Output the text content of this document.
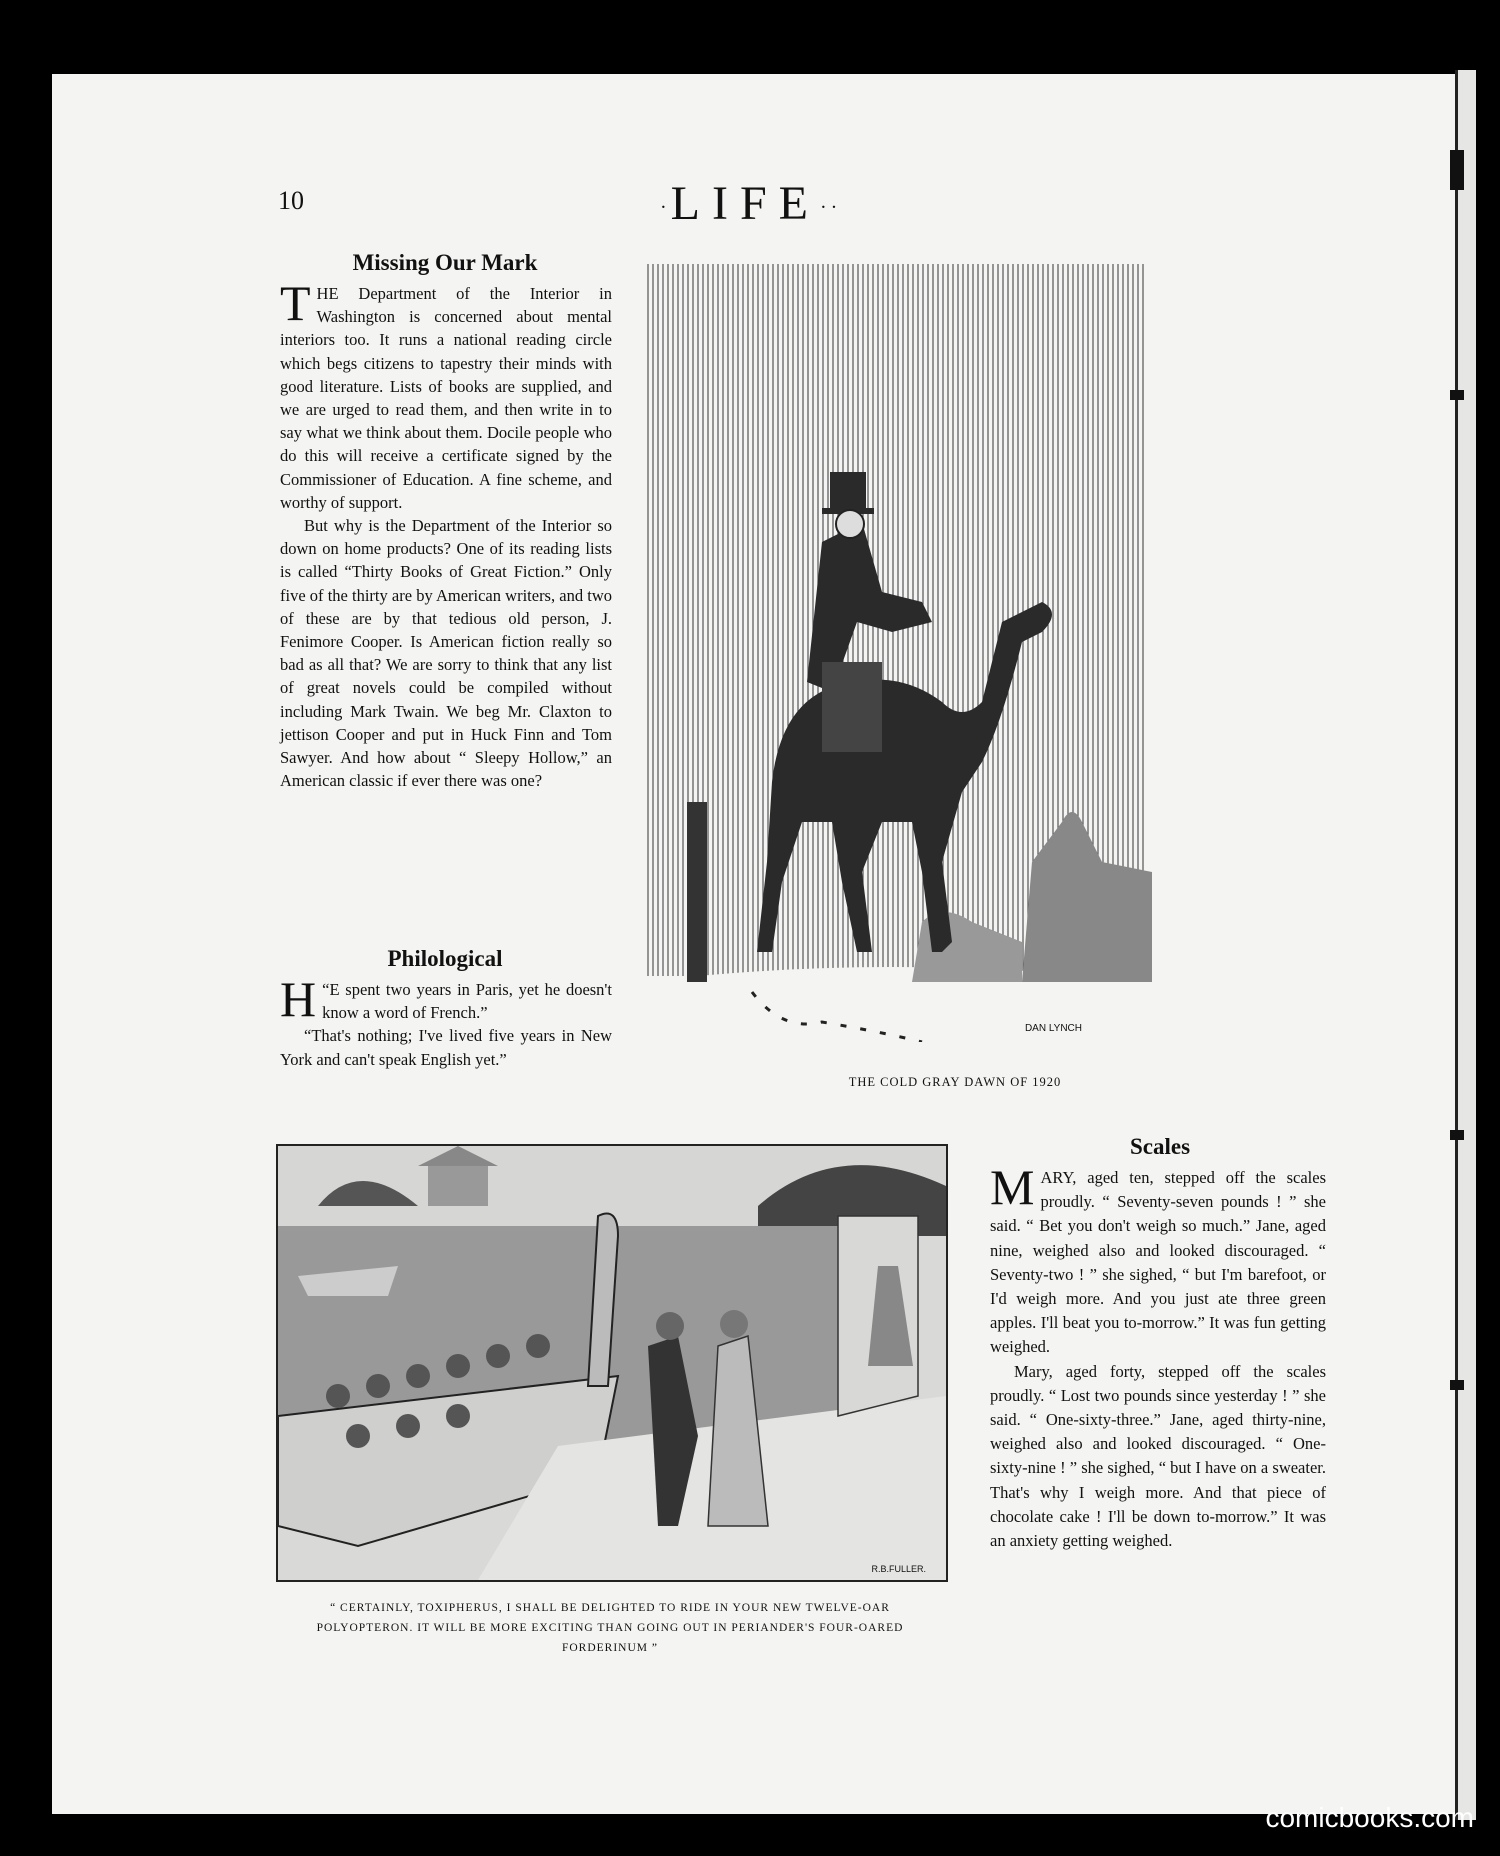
10	·LIFE··
Missing Our Mark

THE Department of the Interior in Washington is concerned about mental interiors too. It runs a national reading circle which begs citizens to tapestry their minds with good literature. Lists of books are supplied, and we are urged to read them, and then write in to say what we think about them. Docile people who do this will receive a certificate signed by the Commissioner of Education. A fine scheme, and worthy of support.

But why is the Department of the Interior so down on home products? One of its reading lists is called “Thirty Books of Great Fiction.” Only five of the thirty are by American writers, and two of these are by that tedious old person, J. Fenimore Cooper. Is American fiction really so bad as all that? We are sorry to think that any list of great novels could be compiled without including Mark Twain. We beg Mr. Claxton to jettison Cooper and put in Huck Finn and Tom Sawyer. And how about “ Sleepy Hollow,” an American classic if ever there was one?

Philological

“
H E spent two years in Paris, yet he doesn't know a word of French.”

“That's nothing; I've lived five years in New York and can't speak English yet.”

DAN LYNCH
THE COLD GRAY DAWN OF 1920
R.B.FULLER.
“ CERTAINLY, TOXIPHERUS, I SHALL BE DELIGHTED TO RIDE IN YOUR NEW TWELVE-OAR POLYOPTERON. IT WILL BE MORE EXCITING THAN GOING OUT IN PERIANDER'S FOUR-OARED FORDERINUM ”
Scales

MARY, aged ten, stepped off the scales proudly. “ Seventy-seven pounds ! ” she said. “ Bet you don't weigh so much.” Jane, aged nine, weighed also and looked discouraged. “ Seventy-two ! ” she sighed, “ but I'm barefoot, or I'd weigh more. And you just ate three green apples. I'll beat you to-morrow.” It was fun getting weighed.

Mary, aged forty, stepped off the scales proudly. “ Lost two pounds since yesterday ! ” she said. “ One-sixty-three.” Jane, aged thirty-nine, weighed also and looked discouraged. “ One-sixty-nine ! ” she sighed, “ but I have on a sweater. That's why I weigh more. And that piece of chocolate cake ! I'll be down to-morrow.” It was an anxiety getting weighed.

comicbooks.com
